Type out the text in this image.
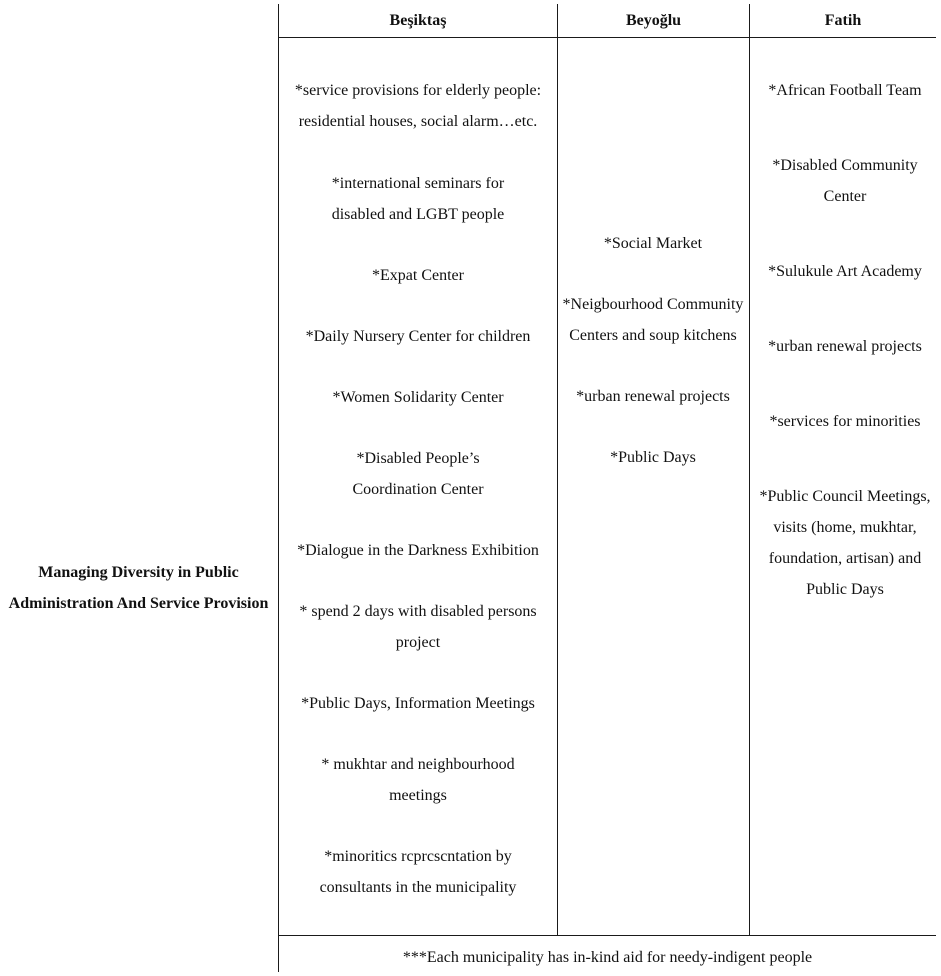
Beşiktaş	Beyoğlu	Fatih
Managing Diversity in Public Administration And Service Provision
*service provisions for elderly people: residential houses, social alarm…etc.
*international seminars for disabled and LGBT people
*Expat Center
*Daily Nursery Center for children
*Women Solidarity Center
*Disabled People’s Coordination Center
*Dialogue in the Darkness Exhibition
* spend 2 days with disabled persons project
*Public Days, Information Meetings
* mukhtar and neighbourhood meetings
*minoritics rcprcscntation by consultants in the municipality
*Social Market
*Neigbourhood Community Centers and soup kitchens
*urban renewal projects
*Public Days
*African Football Team
*Disabled Community Center
*Sulukule Art Academy
*urban renewal projects
*services for minorities
*Public Council Meetings, visits (home, mukhtar, foundation, artisan) and Public Days
***Each municipality has in-kind aid for needy-indigent people
